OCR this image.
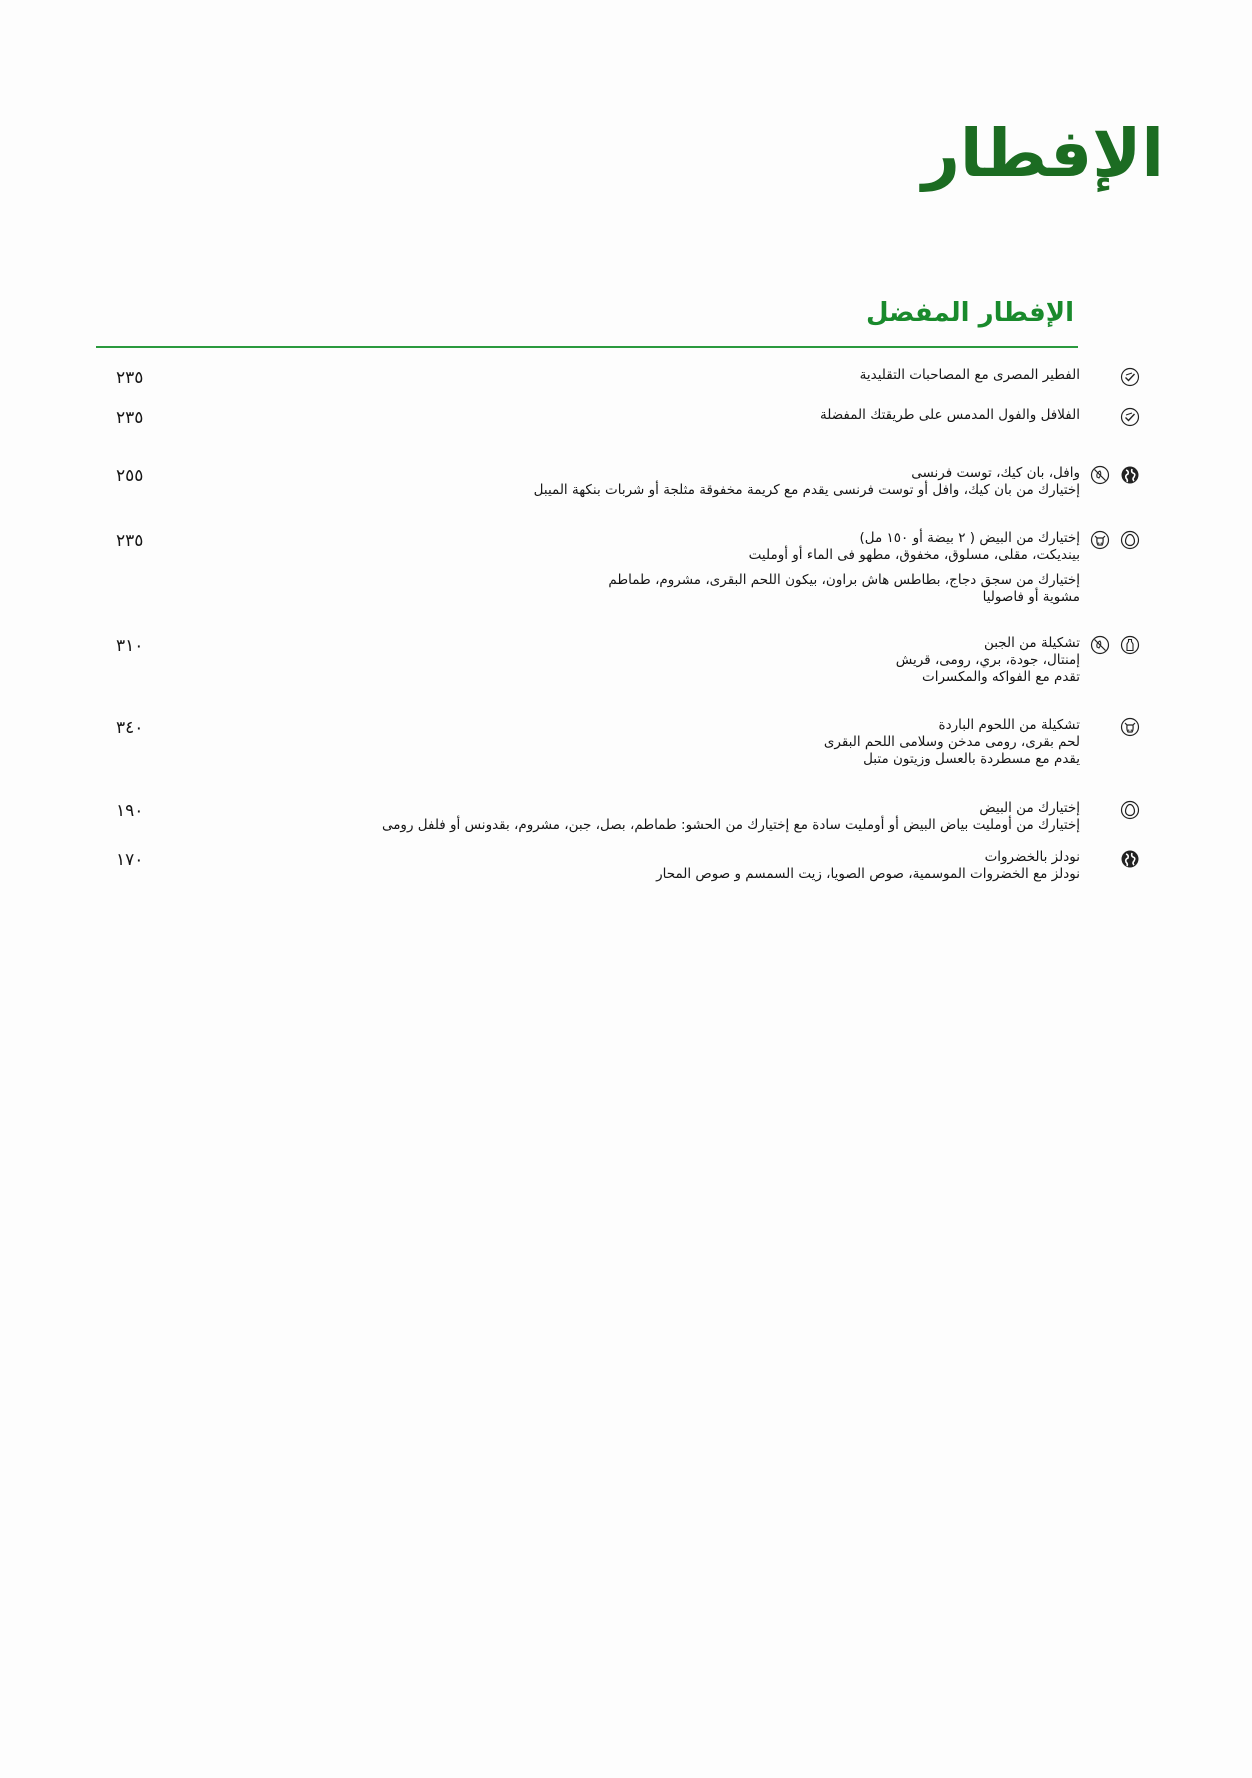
الإفطار
الإفطار المفضل
الفطير المصرى مع المصاحبات التقليدية
٢٣٥
الفلافل والفول المدمس على طريقتك المفضلة
٢٣٥
وافل، بان كيك، توست فرنسى
إختيارك من بان كيك، وافل أو توست فرنسى يقدم مع كريمة مخفوقة مثلجة أو شربات بنكهة الميبل
٢٥٥
إختيارك من البيض ( ٢ بيضة أو ١٥٠ مل)
بينديكت، مقلى، مسلوق، مخفوق، مطهو فى الماء أو أومليت
إختيارك من سجق دجاج، بطاطس هاش براون، بيكون اللحم البقرى، مشروم، طماطم مشوية أو فاصوليا
٢٣٥
تشكيلة من الجبن
إمنتال، جودة، بري، رومى، قريش
تقدم مع الفواكه والمكسرات
٣١٠
تشكيلة من اللحوم الباردة
لحم بقرى، رومى مدخن وسلامى اللحم البقرى
يقدم مع مسطردة بالعسل وزيتون متبل
٣٤٠
إختيارك من البيض
إختيارك من أومليت بياض البيض أو أومليت سادة مع إختيارك من الحشو: طماطم، بصل، جبن، مشروم، بقدونس أو فلفل رومى
١٩٠
نودلز بالخضروات
نودلز مع الخضروات الموسمية، صوص الصويا، زيت السمسم و صوص المحار
١٧٠
